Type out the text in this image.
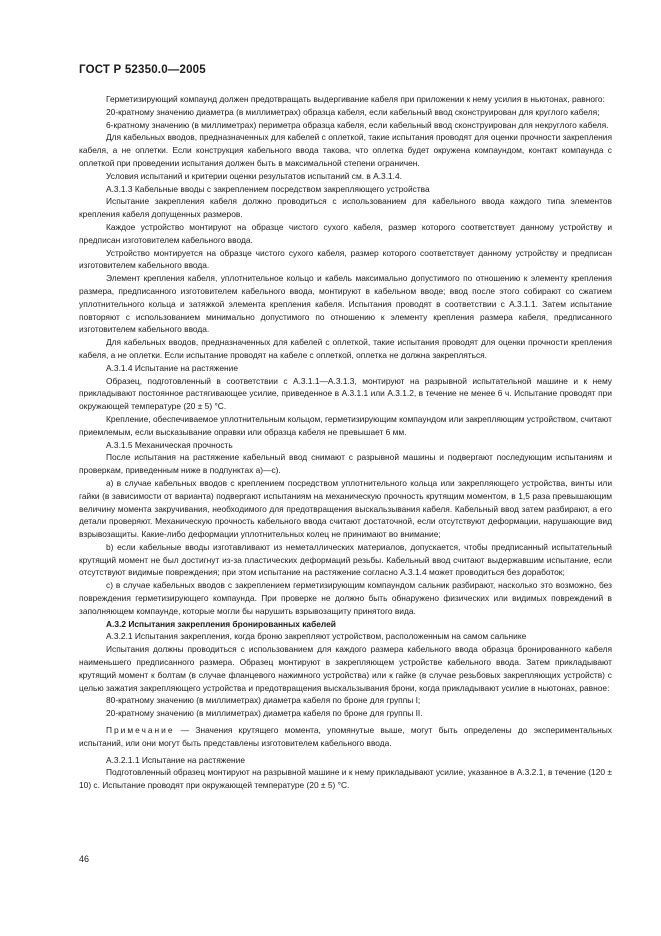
ГОСТ Р 52350.0—2005

Герметизирующий компаунд должен предотвращать выдергивание кабеля при приложении к нему усилия в ньютонах, равного:

20-кратному значению диаметра (в миллиметрах) образца кабеля, если кабельный ввод сконструирован для круглого кабеля;

6-кратному значению (в миллиметрах) периметра образца кабеля, если кабельный ввод сконструирован для некруглого кабеля.

Для кабельных вводов, предназначенных для кабелей с оплеткой, такие испытания проводят для оценки прочности закрепления кабеля, а не оплетки. Если конструкция кабельного ввода такова, что оплетка будет окружена компаундом, контакт компаунда с оплеткой при проведении испытания должен быть в максимальной степени ограничен.

Условия испытаний и критерии оценки результатов испытаний см. в А.3.1.4.

А.3.1.3 Кабельные вводы с закреплением посредством закрепляющего устройства

Испытание закрепления кабеля должно проводиться с использованием для кабельного ввода каждого типа элементов крепления кабеля допущенных размеров.

Каждое устройство монтируют на образце чистого сухого кабеля, размер которого соответствует данному устройству и предписан изготовителем кабельного ввода.

Устройство монтируется на образце чистого сухого кабеля, размер которого соответствует данному устройству и предписан изготовителем кабельного ввода.

Элемент крепления кабеля, уплотнительное кольцо и кабель максимально допустимого по отношению к элементу крепления размера, предписанного изготовителем кабельного ввода, монтируют в кабельном вводе; ввод после этого собирают со сжатием уплотнительного кольца и затяжкой элемента крепления кабеля. Испытания проводят в соответствии с А.3.1.1. Затем испытание повторяют с использованием минимально допустимого по отношению к элементу крепления размера кабеля, предписанного изготовителем кабельного ввода.

Для кабельных вводов, предназначенных для кабелей с оплеткой, такие испытания проводят для оценки прочности крепления кабеля, а не оплетки. Если испытание проводят на кабеле с оплеткой, оплетка не должна закрепляться.

А.3.1.4 Испытание на растяжение

Образец, подготовленный в соответствии с А.3.1.1—А.3.1.3, монтируют на разрывной испытательной машине и к нему прикладывают постоянное растягивающее усилие, приведенное в А.3.1.1 или А.3.1.2, в течение не менее 6 ч. Испытание проводят при окружающей температуре (20 ± 5) °С.

Крепление, обеспечиваемое уплотнительным кольцом, герметизирующим компаундом или закрепляющим устройством, считают приемлемым, если высказывание оправки или образца кабеля не превышает 6 мм.

А.3.1.5 Механическая прочность

После испытания на растяжение кабельный ввод снимают с разрывной машины и подвергают последующим испытаниям и проверкам, приведенным ниже в подпунктах а)—с).

а) в случае кабельных вводов с креплением посредством уплотнительного кольца или закрепляющего устройства, винты или гайки (в зависимости от варианта) подвергают испытаниям на механическую прочность крутящим моментом, в 1,5 раза превышающим величину момента закручивания, необходимого для предотвращения выскальзывания кабеля. Кабельный ввод затем разбирают, а его детали проверяют. Механическую прочность кабельного ввода считают достаточной, если отсутствуют деформации, нарушающие вид взрывозащиты. Какие-либо деформации уплотнительных колец не принимают во внимание;

b) если кабельные вводы изготавливают из неметаллических материалов, допускается, чтобы предписанный испытательный крутящий момент не был достигнут из-за пластических деформаций резьбы. Кабельный ввод считают выдержавшим испытание, если отсутствуют видимые повреждения; при этом испытание на растяжение согласно А.3.1.4 может проводиться без доработок;

с) в случае кабельных вводов с закреплением герметизирующим компаундом сальник разбирают, насколько это возможно, без повреждения герметизирующего компаунда. При проверке не должно быть обнаружено физических или видимых повреждений в заполняющем компаунде, которые могли бы нарушить взрывозащиту принятого вида.

А.3.2 Испытания закрепления бронированных кабелей

А.3.2.1 Испытания закрепления, когда броню закрепляют устройством, расположенным на самом сальнике

Испытания должны проводиться с использованием для каждого размера кабельного ввода образца бронированного кабеля наименьшего предписанного размера. Образец монтируют в закрепляющем устройстве кабельного ввода. Затем прикладывают крутящий момент к болтам (в случае фланцевого нажимного устройства) или к гайке (в случае резьбовых закрепляющих устройств) с целью зажатия закрепляющего устройства и предотвращения выскальзывания брони, когда прикладывают усилие в ньютонах, равное:

80-кратному значению (в миллиметрах) диаметра кабеля по броне для группы I;

20-кратному значению (в миллиметрах) диаметра кабеля по броне для группы II.

Примечание — Значения крутящего момента, упомянутые выше, могут быть определены до экспериментальных испытаний, или они могут быть представлены изготовителем кабельного ввода.

А.3.2.1.1 Испытание на растяжение

Подготовленный образец монтируют на разрывной машине и к нему прикладывают усилие, указанное в А.3.2.1, в течение (120 ± 10) с. Испытание проводят при окружающей температуре (20 ± 5) °С.

46
